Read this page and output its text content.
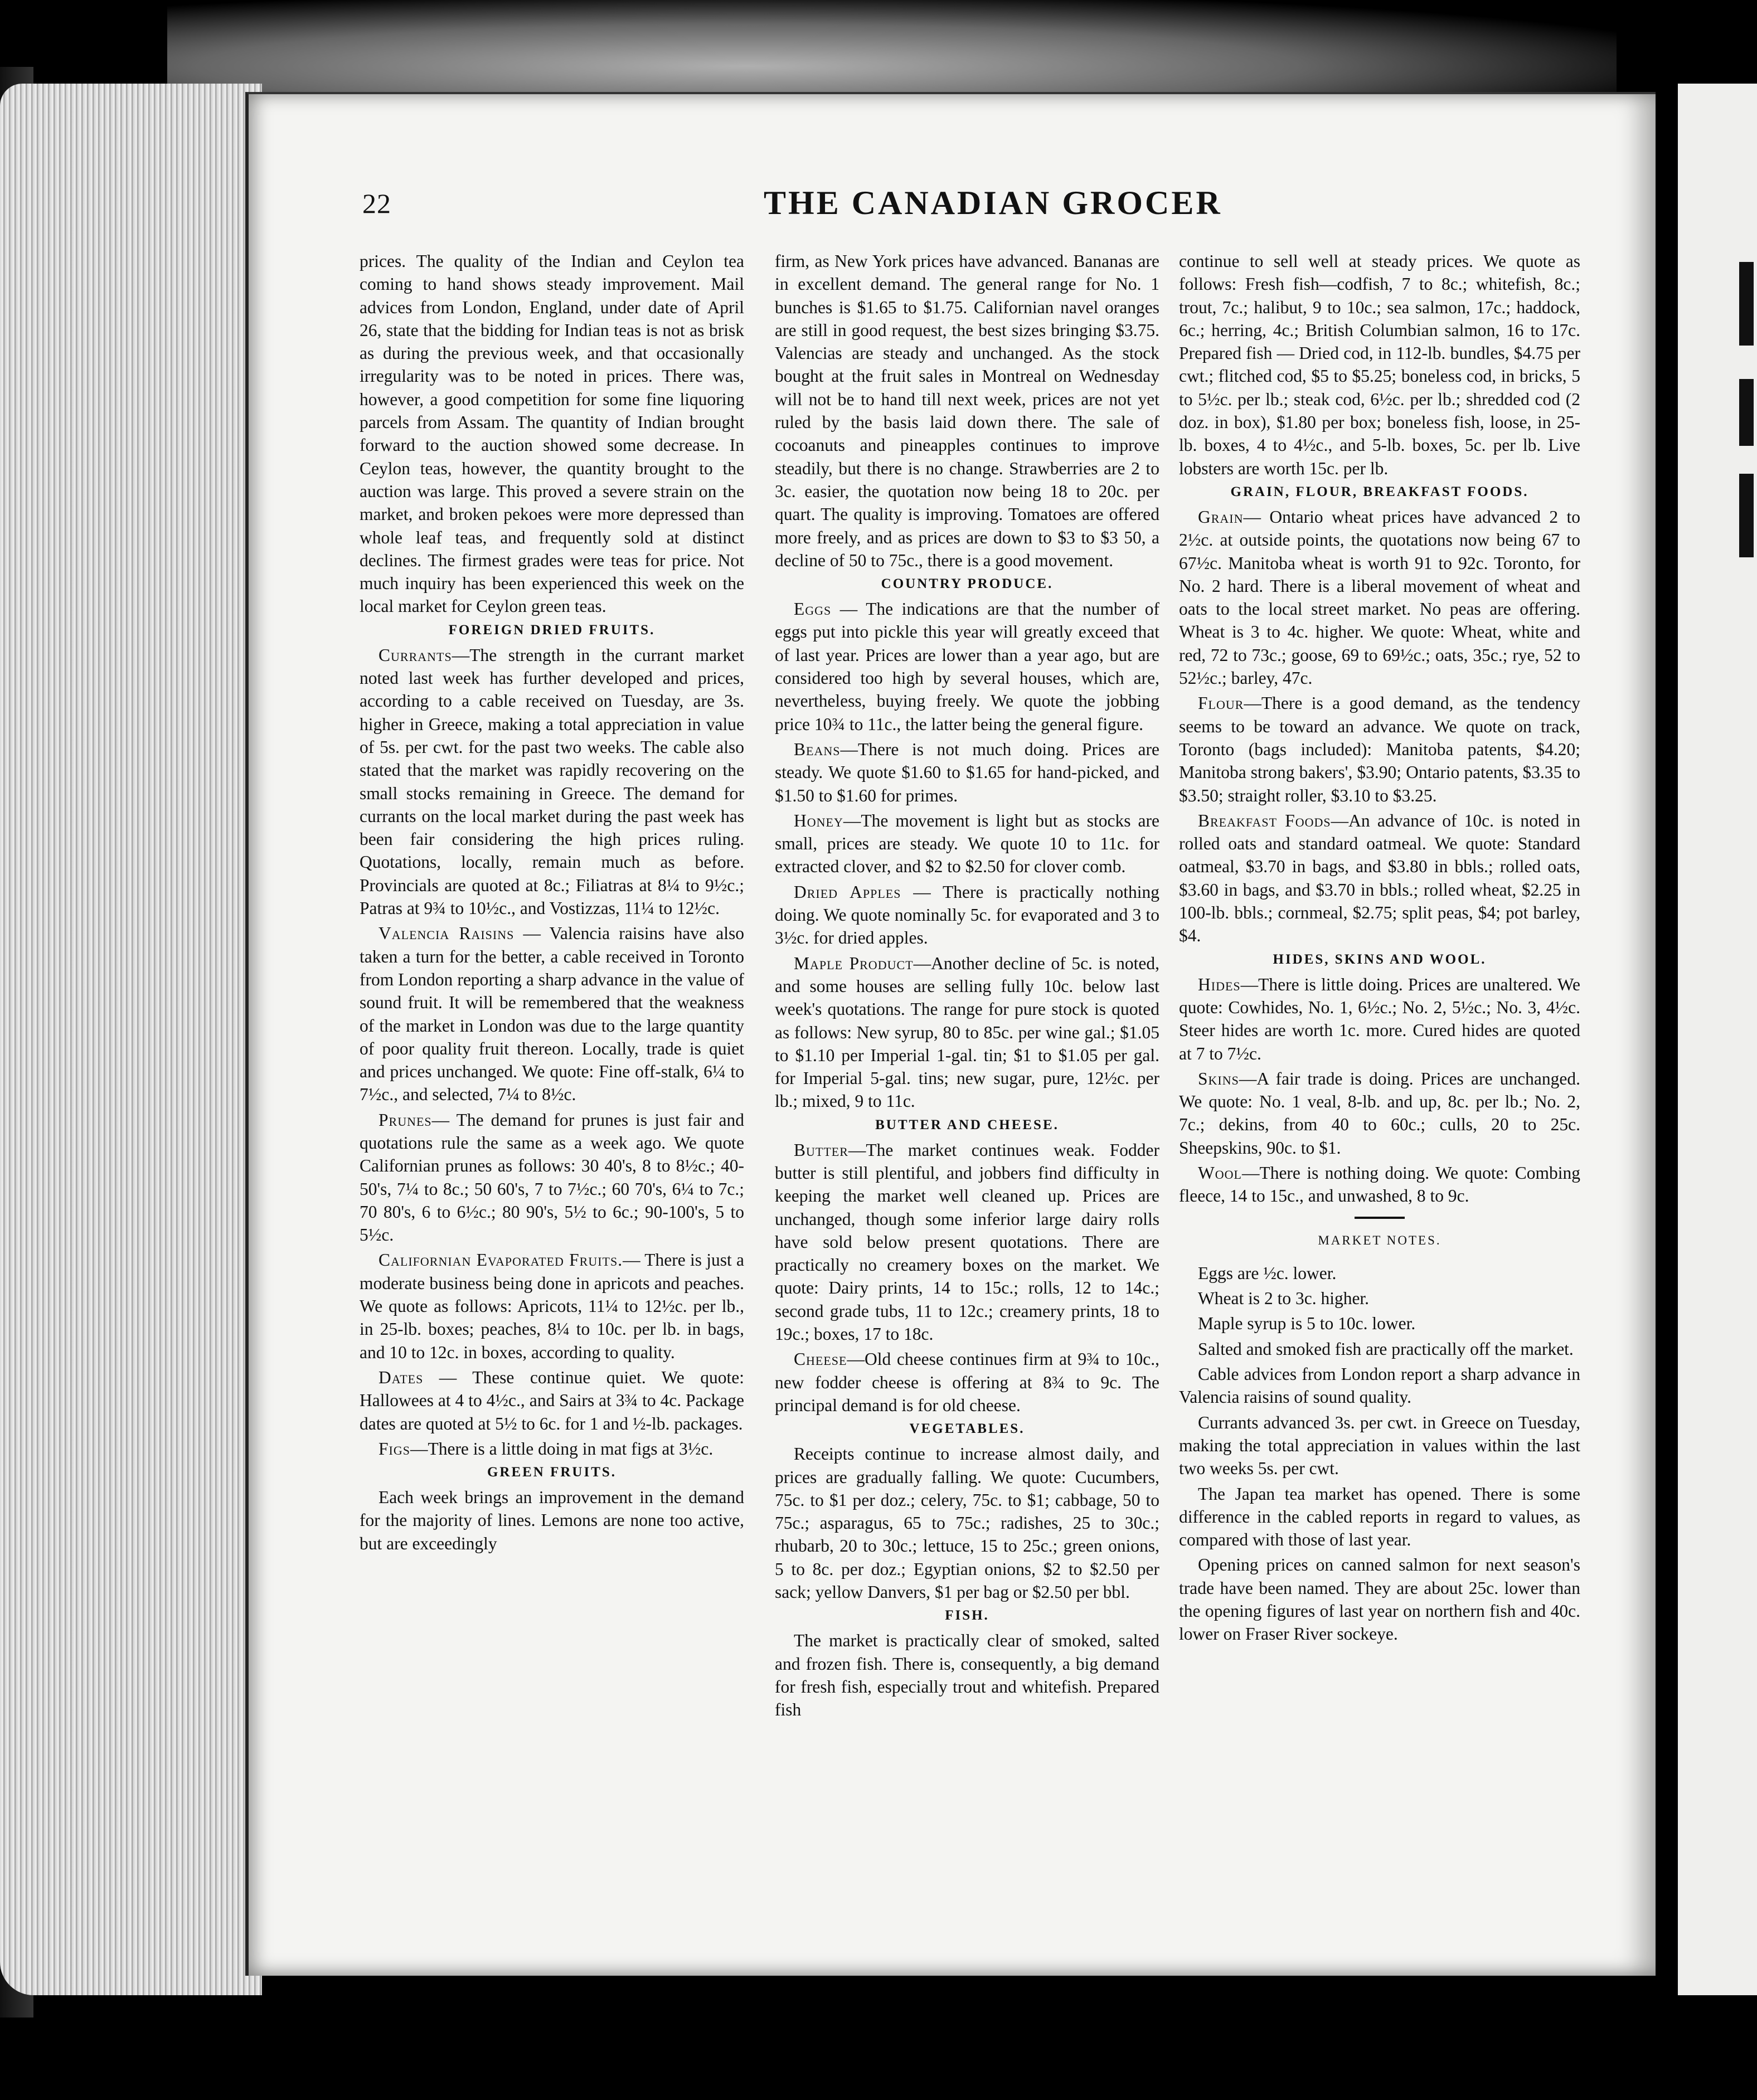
22	THE CANADIAN GROCER

prices. The quality of the Indian and Ceylon tea coming to hand shows steady improvement. Mail advices from London, England, under date of April 26, state that the bidding for Indian teas is not as brisk as during the previous week, and that occasionally irregularity was to be noted in prices. There was, however, a good competition for some fine liquoring parcels from Assam. The quantity of Indian brought forward to the auction showed some decrease. In Ceylon teas, however, the quantity brought to the auction was large. This proved a severe strain on the market, and broken pekoes were more depressed than whole leaf teas, and frequently sold at distinct declines. The firmest grades were teas for price. Not much inquiry has been experienced this week on the local market for Ceylon green teas.

FOREIGN DRIED FRUITS.

Currants—The strength in the currant market noted last week has further developed and prices, according to a cable received on Tuesday, are 3s. higher in Greece, making a total appreciation in value of 5s. per cwt. for the past two weeks. The cable also stated that the market was rapidly recovering on the small stocks remaining in Greece. The demand for currants on the local market during the past week has been fair considering the high prices ruling. Quotations, locally, remain much as before. Provincials are quoted at 8c.; Filiatras at 8¼ to 9½c.; Patras at 9¾ to 10½c., and Vostizzas, 11¼ to 12½c.

Valencia Raisins — Valencia raisins have also taken a turn for the better, a cable received in Toronto from London reporting a sharp advance in the value of sound fruit. It will be remembered that the weakness of the market in London was due to the large quantity of poor quality fruit thereon. Locally, trade is quiet and prices unchanged. We quote: Fine off-stalk, 6¼ to 7½c., and selected, 7¼ to 8½c.

Prunes— The demand for prunes is just fair and quotations rule the same as a week ago. We quote Californian prunes as follows: 30 40's, 8 to 8½c.; 40-50's, 7¼ to 8c.; 50 60's, 7 to 7½c.; 60 70's, 6¼ to 7c.; 70 80's, 6 to 6½c.; 80 90's, 5½ to 6c.; 90-100's, 5 to 5½c.

Californian Evaporated Fruits.— There is just a moderate business being done in apricots and peaches. We quote as follows: Apricots, 11¼ to 12½c. per lb., in 25-lb. boxes; peaches, 8¼ to 10c. per lb. in bags, and 10 to 12c. in boxes, according to quality.

Dates — These continue quiet. We quote: Hallowees at 4 to 4½c., and Sairs at 3¾ to 4c. Package dates are quoted at 5½ to 6c. for 1 and ½-lb. packages.

Figs—There is a little doing in mat figs at 3½c.

GREEN FRUITS.

Each week brings an improvement in the demand for the majority of lines. Lemons are none too active, but are exceedingly

firm, as New York prices have advanced. Bananas are in excellent demand. The general range for No. 1 bunches is $1.65 to $1.75. Californian navel oranges are still in good request, the best sizes bringing $3.75. Valencias are steady and unchanged. As the stock bought at the fruit sales in Montreal on Wednesday will not be to hand till next week, prices are not yet ruled by the basis laid down there. The sale of cocoanuts and pineapples continues to improve steadily, but there is no change. Strawberries are 2 to 3c. easier, the quotation now being 18 to 20c. per quart. The quality is improving. Tomatoes are offered more freely, and as prices are down to $3 to $3 50, a decline of 50 to 75c., there is a good movement.

COUNTRY PRODUCE.

Eggs — The indications are that the number of eggs put into pickle this year will greatly exceed that of last year. Prices are lower than a year ago, but are considered too high by several houses, which are, nevertheless, buying freely. We quote the jobbing price 10¾ to 11c., the latter being the general figure.

Beans—There is not much doing. Prices are steady. We quote $1.60 to $1.65 for hand-picked, and $1.50 to $1.60 for primes.

Honey—The movement is light but as stocks are small, prices are steady. We quote 10 to 11c. for extracted clover, and $2 to $2.50 for clover comb.

Dried Apples — There is practically nothing doing. We quote nominally 5c. for evaporated and 3 to 3½c. for dried apples.

Maple Product—Another decline of 5c. is noted, and some houses are selling fully 10c. below last week's quotations. The range for pure stock is quoted as follows: New syrup, 80 to 85c. per wine gal.; $1.05 to $1.10 per Imperial 1-gal. tin; $1 to $1.05 per gal. for Imperial 5-gal. tins; new sugar, pure, 12½c. per lb.; mixed, 9 to 11c.

BUTTER AND CHEESE.

Butter—The market continues weak. Fodder butter is still plentiful, and jobbers find difficulty in keeping the market well cleaned up. Prices are unchanged, though some inferior large dairy rolls have sold below present quotations. There are practically no creamery boxes on the market. We quote: Dairy prints, 14 to 15c.; rolls, 12 to 14c.; second grade tubs, 11 to 12c.; creamery prints, 18 to 19c.; boxes, 17 to 18c.

Cheese—Old cheese continues firm at 9¾ to 10c., new fodder cheese is offering at 8¾ to 9c. The principal demand is for old cheese.

VEGETABLES.

Receipts continue to increase almost daily, and prices are gradually falling. We quote: Cucumbers, 75c. to $1 per doz.; celery, 75c. to $1; cabbage, 50 to 75c.; asparagus, 65 to 75c.; radishes, 25 to 30c.; rhubarb, 20 to 30c.; lettuce, 15 to 25c.; green onions, 5 to 8c. per doz.; Egyptian onions, $2 to $2.50 per sack; yellow Danvers, $1 per bag or $2.50 per bbl.

FISH.

The market is practically clear of smoked, salted and frozen fish. There is, consequently, a big demand for fresh fish, especially trout and whitefish. Prepared fish

continue to sell well at steady prices. We quote as follows: Fresh fish—codfish, 7 to 8c.; whitefish, 8c.; trout, 7c.; halibut, 9 to 10c.; sea salmon, 17c.; haddock, 6c.; herring, 4c.; British Columbian salmon, 16 to 17c. Prepared fish — Dried cod, in 112-lb. bundles, $4.75 per cwt.; flitched cod, $5 to $5.25; boneless cod, in bricks, 5 to 5½c. per lb.; steak cod, 6½c. per lb.; shredded cod (2 doz. in box), $1.80 per box; boneless fish, loose, in 25-lb. boxes, 4 to 4½c., and 5-lb. boxes, 5c. per lb. Live lobsters are worth 15c. per lb.

GRAIN, FLOUR, BREAKFAST FOODS.

Grain— Ontario wheat prices have advanced 2 to 2½c. at outside points, the quotations now being 67 to 67½c. Manitoba wheat is worth 91 to 92c. Toronto, for No. 2 hard. There is a liberal movement of wheat and oats to the local street market. No peas are offering. Wheat is 3 to 4c. higher. We quote: Wheat, white and red, 72 to 73c.; goose, 69 to 69½c.; oats, 35c.; rye, 52 to 52½c.; barley, 47c.

Flour—There is a good demand, as the tendency seems to be toward an advance. We quote on track, Toronto (bags included): Manitoba patents, $4.20; Manitoba strong bakers', $3.90; Ontario patents, $3.35 to $3.50; straight roller, $3.10 to $3.25.

Breakfast Foods—An advance of 10c. is noted in rolled oats and standard oatmeal. We quote: Standard oatmeal, $3.70 in bags, and $3.80 in bbls.; rolled oats, $3.60 in bags, and $3.70 in bbls.; rolled wheat, $2.25 in 100-lb. bbls.; cornmeal, $2.75; split peas, $4; pot barley, $4.

HIDES, SKINS AND WOOL.

Hides—There is little doing. Prices are unaltered. We quote: Cowhides, No. 1, 6½c.; No. 2, 5½c.; No. 3, 4½c. Steer hides are worth 1c. more. Cured hides are quoted at 7 to 7½c.

Skins—A fair trade is doing. Prices are unchanged. We quote: No. 1 veal, 8-lb. and up, 8c. per lb.; No. 2, 7c.; dekins, from 40 to 60c.; culls, 20 to 25c. Sheepskins, 90c. to $1.

Wool—There is nothing doing. We quote: Combing fleece, 14 to 15c., and unwashed, 8 to 9c.

MARKET NOTES.

Eggs are ½c. lower.

Wheat is 2 to 3c. higher.

Maple syrup is 5 to 10c. lower.

Salted and smoked fish are practically off the market.

Cable advices from London report a sharp advance in Valencia raisins of sound quality.

Currants advanced 3s. per cwt. in Greece on Tuesday, making the total appreciation in values within the last two weeks 5s. per cwt.

The Japan tea market has opened. There is some difference in the cabled reports in regard to values, as compared with those of last year.

Opening prices on canned salmon for next season's trade have been named. They are about 25c. lower than the opening figures of last year on northern fish and 40c. lower on Fraser River sockeye.
